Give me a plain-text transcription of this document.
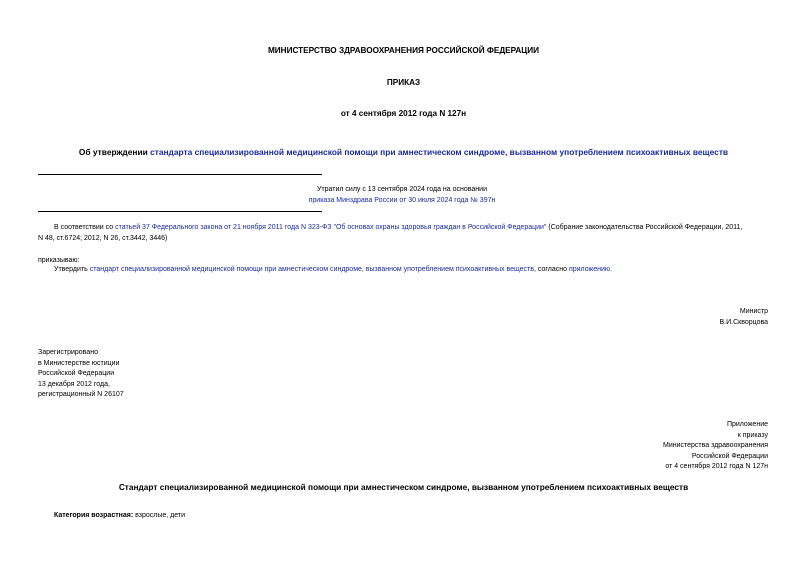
МИНИСТЕРСТВО ЗДРАВООХРАНЕНИЯ РОССИЙСКОЙ ФЕДЕРАЦИИ
ПРИКАЗ
от 4 сентября 2012 года N 127н
Об утверждении стандарта специализированной медицинской помощи при амнестическом синдроме, вызванном употреблением психоактивных веществ
Утратил силу с 13 сентября 2024 года на основании
приказа Минздрава России от 30 июля 2024 года № 397н
В соответствии со статьей 37 Федерального закона от 21 ноября 2011 года N 323-ФЗ "Об основах охраны здоровья граждан в Российской Федерации" (Собрание законодательства Российской Федерации, 2011,
N 48, ст.6724; 2012, N 26, ст.3442, 3446)
приказываю:
Утвердить стандарт специализированной медицинской помощи при амнестическом синдроме, вызванном употреблением психоактивных веществ, согласно приложению.
Министр
В.И.Скворцова
Зарегистрировано
в Министерстве юстиции
Российской Федерации
13 декабря 2012 года,
регистрационный N 26107
Приложение
к приказу
Министерства здравоохранения
Российской Федерации
от 4 сентября 2012 года N 127н
Стандарт специализированной медицинской помощи при амнестическом синдроме, вызванном употреблением психоактивных веществ
Категория возрастная: взрослые, дети
